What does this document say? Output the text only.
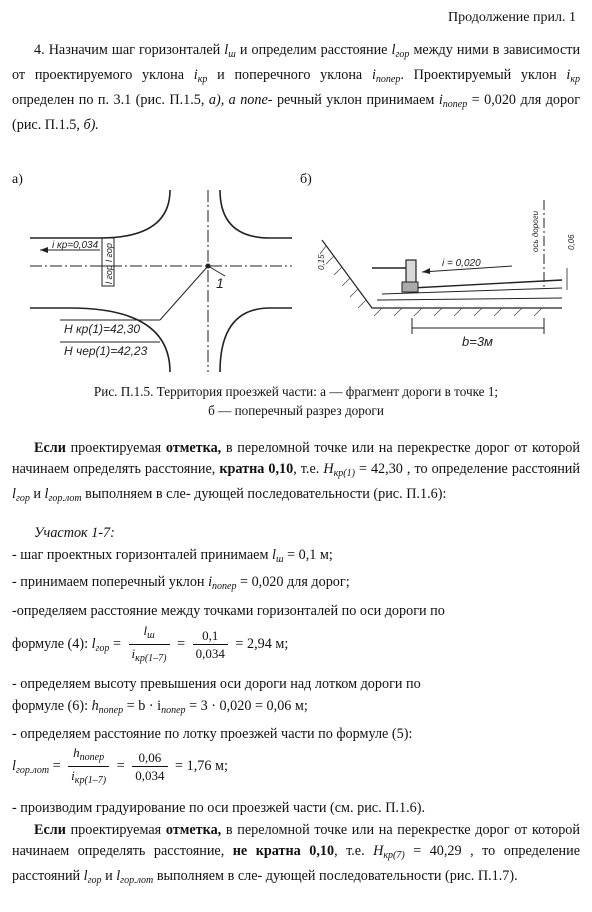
Продолжение прил. 1
4. Назначим шаг горизонталей $l_ш$ и определим расстояние $l_{гор}$ между ними в зависимости от проектируемого уклона $i_{кр}$ и поперечного уклона $i_{попер}$. Проектируемый уклон $i_{кр}$ определен по п. 3.1 (рис. П.1.5, а), а попе- речный уклон принимаем $i_{попер} = 0,020$ для дорог (рис. П.1.5, б).
а)	б)
i кр=0,034 l гор
l гор	1
H кр(1)=42,30
H чер(1)=42,23
ось дороги
i = 0,020
0,06
0,15
b=3м
Рис. П.1.5. Территория проезжей части: а — фрагмент дороги в точке 1;
б — поперечный разрез дороги
Если проектируемая отметка, в переломной точке или на перекрестке дорог от которой начинаем определять расстояние, кратна 0,10, т.е. $H_{кр(1)} = 42,30$ , то определение расстояний $l_{гор}$ и $l_{гор.лот}$ выполняем в сле- дующей последовательности (рис. П.1.6):
Участок 1-7:
- шаг проектных горизонталей принимаем $l_ш = 0,1$ м;
- принимаем поперечный уклон $i_{попер} = 0,020$ для дорог;
-определяем расстояние между точками горизонталей по оси дороги по
формуле (4): $l_{гор} = \frac{l_ш}{i_{кр(1-7)}} = \frac{0,1}{0,034} = 2,94$ м;
- определяем высоту превышения оси дороги над лотком дороги по
формуле (6): $h_{попер} = b \cdot i_{попер} = 3 \cdot 0,020 = 0,06$ м;
- определяем расстояние по лотку проезжей части по формуле (5):
$l_{гор.лот} = \frac{h_{попер}}{i_{кр(1-7)}} = \frac{0,06}{0,034} = 1,76$ м;
- производим градуирование по оси проезжей части (см. рис. П.1.6).
Если проектируемая отметка, в переломной точке или на перекрестке дорог от которой начинаем определять расстояние, не кратна 0,10, т.е. $H_{кр(7)} = 40,29$ , то определение расстояний $l_{гор}$ и $l_{гор.лот}$ выполняем в сле- дующей последовательности (рис. П.1.7).
